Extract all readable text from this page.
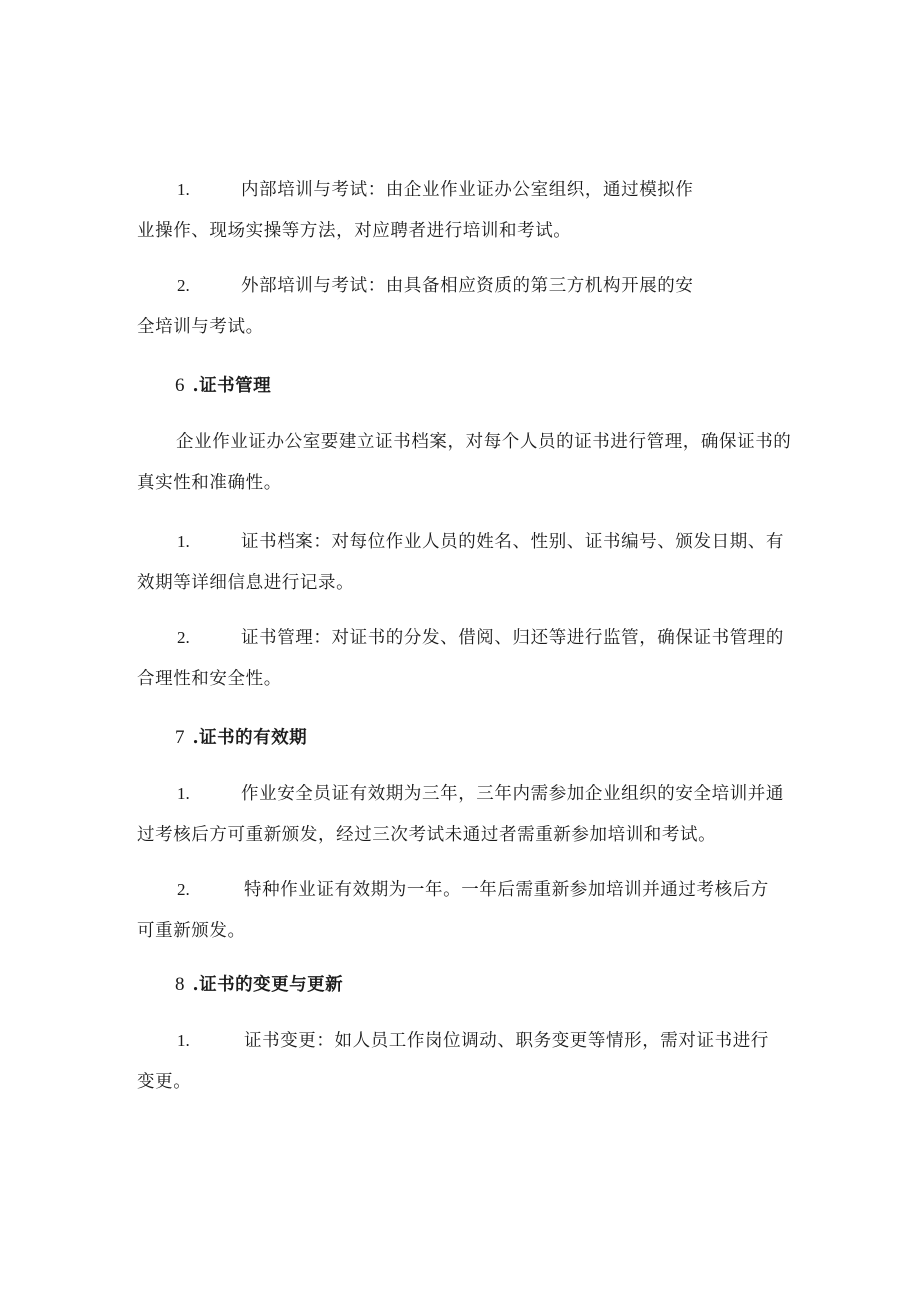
1.	内部培训与考试：由企业作业证办公室组织，通过模拟作
业操作、现场实操等方法，对应聘者进行培训和考试。
2.	外部培训与考试：由具备相应资质的第三方机构开展的安
全培训与考试。
6 .证书管理
企业作业证办公室要建立证书档案，对每个人员的证书进行管理，确保证书的
真实性和准确性。
1.	证书档案：对每位作业人员的姓名、性别、证书编号、颁发日期、有
效期等详细信息进行记录。
2.	证书管理：对证书的分发、借阅、归还等进行监管，确保证书管理的
合理性和安全性。
7 .证书的有效期
1.	作业安全员证有效期为三年，三年内需参加企业组织的安全培训并通
过考核后方可重新颁发，经过三次考试未通过者需重新参加培训和考试。
2.	特种作业证有效期为一年。一年后需重新参加培训并通过考核后方
可重新颁发。
8 .证书的变更与更新
1.	证书变更：如人员工作岗位调动、职务变更等情形，需对证书进行
变更。
